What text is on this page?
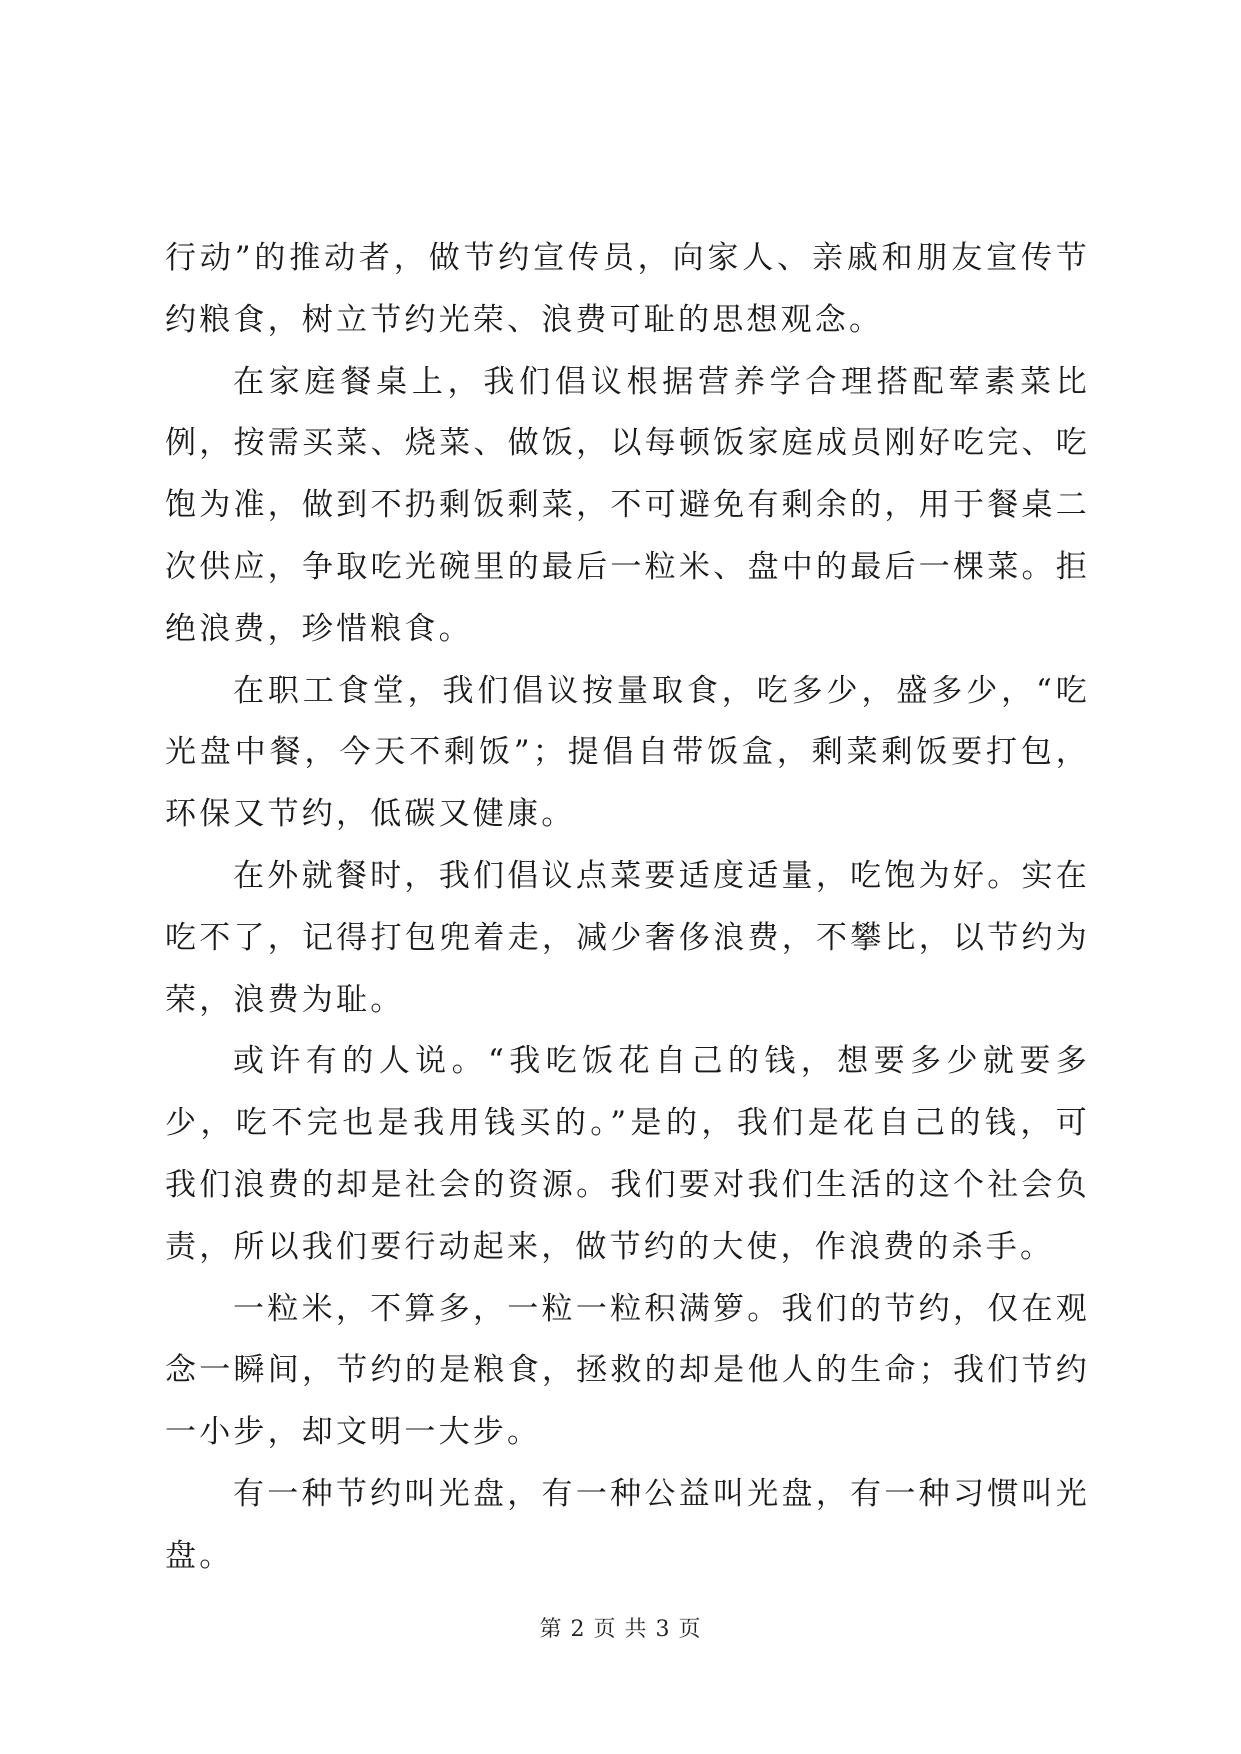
行动”的推动者，做节约宣传员，向家人、亲戚和朋友宣传节约粮食，树立节约光荣、浪费可耻的思想观念。

在家庭餐桌上，我们倡议根据营养学合理搭配荤素菜比例，按需买菜、烧菜、做饭，以每顿饭家庭成员刚好吃完、吃饱为准，做到不扔剩饭剩菜，不可避免有剩余的，用于餐桌二次供应，争取吃光碗里的最后一粒米、盘中的最后一棵菜。拒绝浪费，珍惜粮食。

在职工食堂，我们倡议按量取食，吃多少，盛多少，“吃光盘中餐，今天不剩饭”；提倡自带饭盒，剩菜剩饭要打包，环保又节约，低碳又健康。

在外就餐时，我们倡议点菜要适度适量，吃饱为好。实在吃不了，记得打包兜着走，减少奢侈浪费，不攀比，以节约为荣，浪费为耻。

或许有的人说。“我吃饭花自己的钱，想要多少就要多少，吃不完也是我用钱买的。”是的，我们是花自己的钱，可我们浪费的却是社会的资源。我们要对我们生活的这个社会负责，所以我们要行动起来，做节约的大使，作浪费的杀手。

一粒米，不算多，一粒一粒积满箩。我们的节约，仅在观念一瞬间，节约的是粮食，拯救的却是他人的生命；我们节约一小步，却文明一大步。

有一种节约叫光盘，有一种公益叫光盘，有一种习惯叫光盘。

第 2 页 共 3 页
